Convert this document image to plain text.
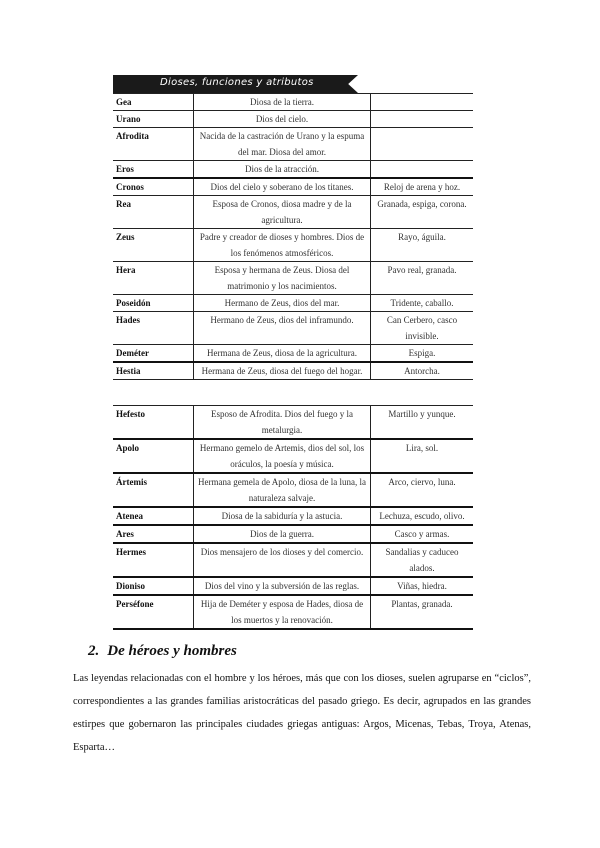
Dioses, funciones y atributos
Gea	Diosa de la tierra.	
Urano	Dios del cielo.	
Afrodita	Nacida de la castración de Urano y la espuma del mar. Diosa del amor.	
Eros	Dios de la atracción.	
Cronos	Dios del cielo y soberano de los titanes.	Reloj de arena y hoz.
Rea	Esposa de Cronos, diosa madre y de la agricultura.	Granada, espiga, corona.
Zeus	Padre y creador de dioses y hombres. Dios de los fenómenos atmosféricos.	Rayo, águila.
Hera	Esposa y hermana de Zeus. Diosa del matrimonio y los nacimientos.	Pavo real, granada.
Poseidón	Hermano de Zeus, dios del mar.	Tridente, caballo.
Hades	Hermano de Zeus, dios del inframundo.	Can Cerbero, casco invisible.
Deméter	Hermana de Zeus, diosa de la agricultura.	Espiga.
Hestia	Hermana de Zeus, diosa del fuego del hogar.	Antorcha.
Hefesto	Esposo de Afrodita. Dios del fuego y la metalurgia.	Martillo y yunque.
Apolo	Hermano gemelo de Artemis, dios del sol, los oráculos, la poesía y música.	Lira, sol.
Ártemis	Hermana gemela de Apolo, diosa de la luna, la naturaleza salvaje.	Arco, ciervo, luna.
Atenea	Diosa de la sabiduría y la astucia.	Lechuza, escudo, olivo.
Ares	Dios de la guerra.	Casco y armas.
Hermes	Dios mensajero de los dioses y del comercio.	Sandalias y caduceo alados.
Dioniso	Dios del vino y la subversión de las reglas.	Viñas, hiedra.
Perséfone	Hija de Deméter y esposa de Hades, diosa de los muertos y la renovación.	Plantas, granada.
2. De héroes y hombres
Las leyendas relacionadas con el hombre y los héroes, más que con los dioses, suelen agruparse en “ciclos”, correspondientes a las grandes familias aristocráticas del pasado griego. Es decir, agrupados en las grandes estirpes que gobernaron las principales ciudades griegas antiguas: Argos, Micenas, Tebas, Troya, Atenas, Esparta…
